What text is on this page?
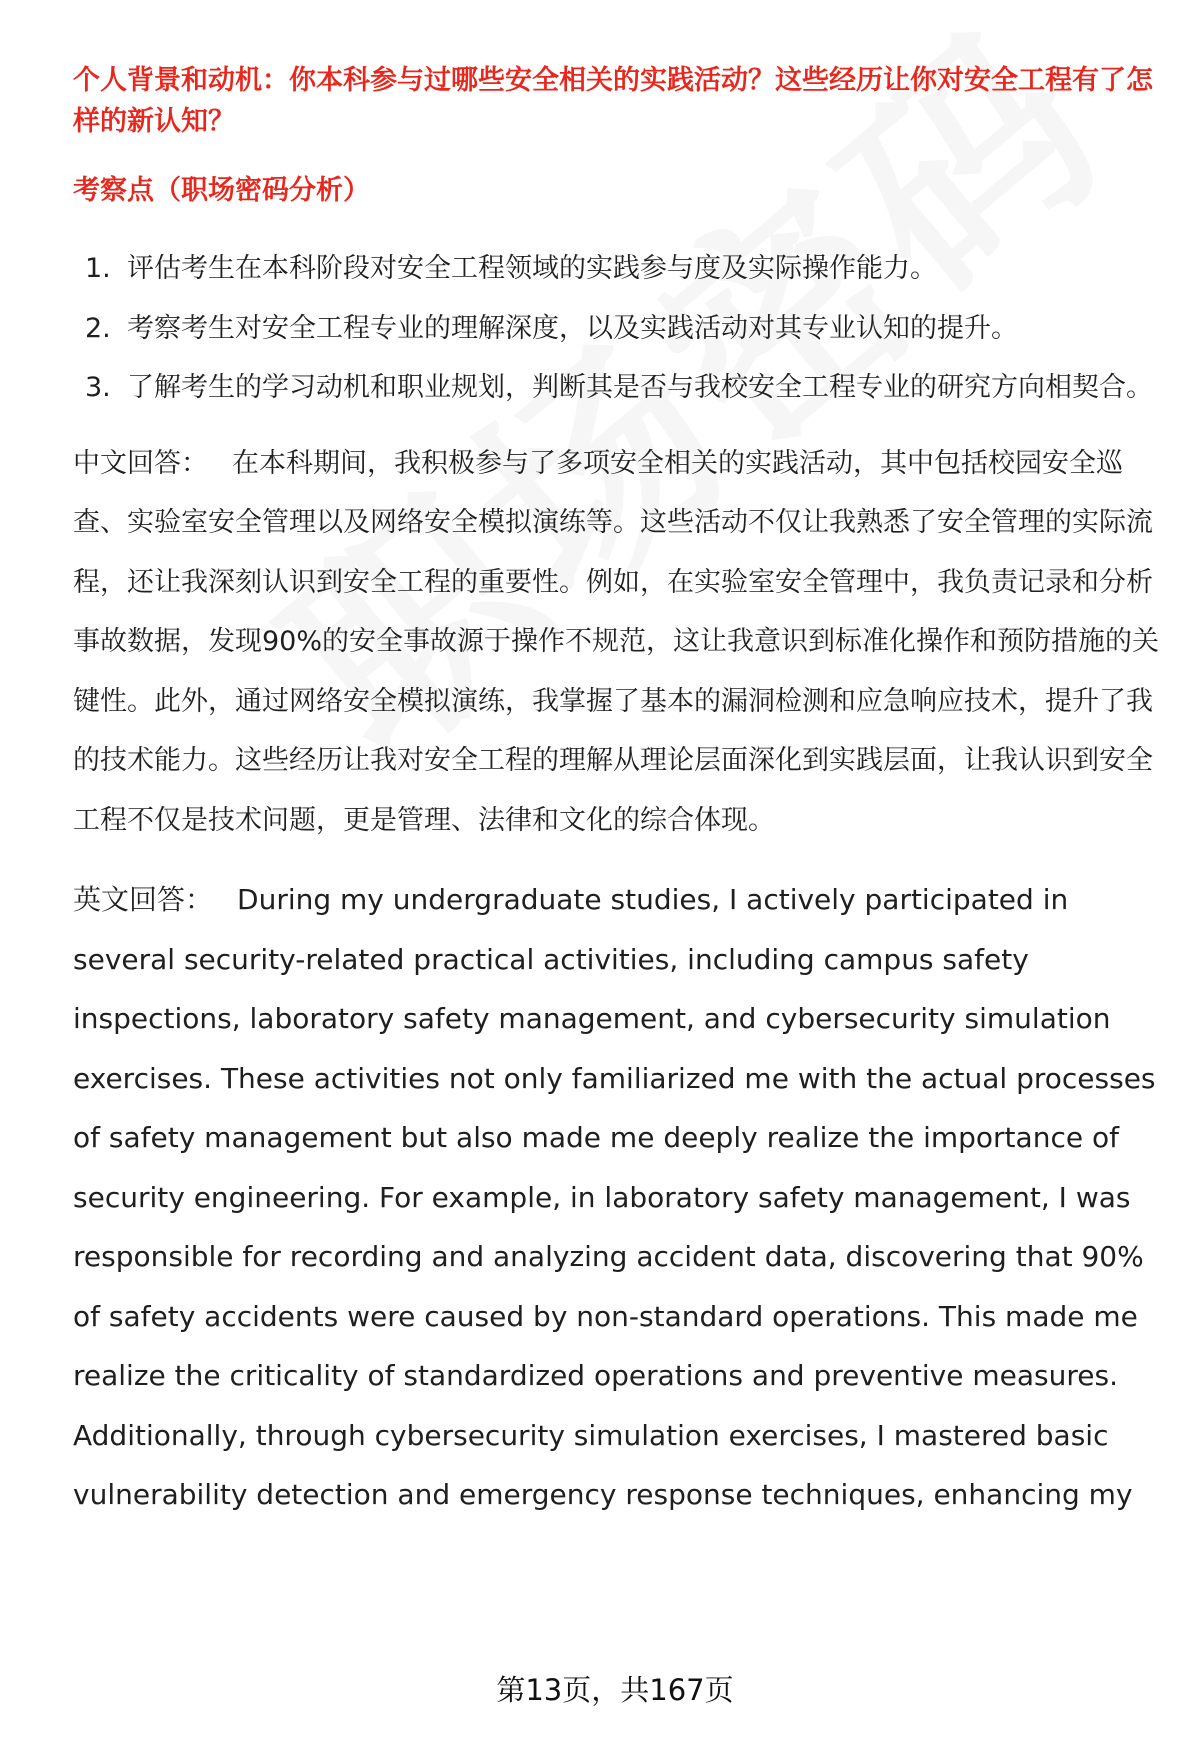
个人背景和动机：你本科参与过哪些安全相关的实践活动？这些经历让你对安全工程有了怎样的新认知？

考察点（职场密码分析）

1. 评估考生在本科阶段对安全工程领域的实践参与度及实际操作能力。
2. 考察考生对安全工程专业的理解深度，以及实践活动对其专业认知的提升。
3. 了解考生的学习动机和职业规划，判断其是否与我校安全工程专业的研究方向相契合。

中文回答： 在本科期间，我积极参与了多项安全相关的实践活动，其中包括校园安全巡查、实验室安全管理以及网络安全模拟演练等。这些活动不仅让我熟悉了安全管理的实际流程，还让我深刻认识到安全工程的重要性。例如，在实验室安全管理中，我负责记录和分析事故数据，发现90%的安全事故源于操作不规范，这让我意识到标准化操作和预防措施的关键性。此外，通过网络安全模拟演练，我掌握了基本的漏洞检测和应急响应技术，提升了我的技术能力。这些经历让我对安全工程的理解从理论层面深化到实践层面，让我认识到安全工程不仅是技术问题，更是管理、法律和文化的综合体现。

英文回答： During my undergraduate studies, I actively participated in several security-related practical activities, including campus safety inspections, laboratory safety management, and cybersecurity simulation exercises. These activities not only familiarized me with the actual processes of safety management but also made me deeply realize the importance of security engineering. For example, in laboratory safety management, I was responsible for recording and analyzing accident data, discovering that 90% of safety accidents were caused by non-standard operations. This made me realize the criticality of standardized operations and preventive measures. Additionally, through cybersecurity simulation exercises, I mastered basic vulnerability detection and emergency response techniques, enhancing my

第13页，共167页
